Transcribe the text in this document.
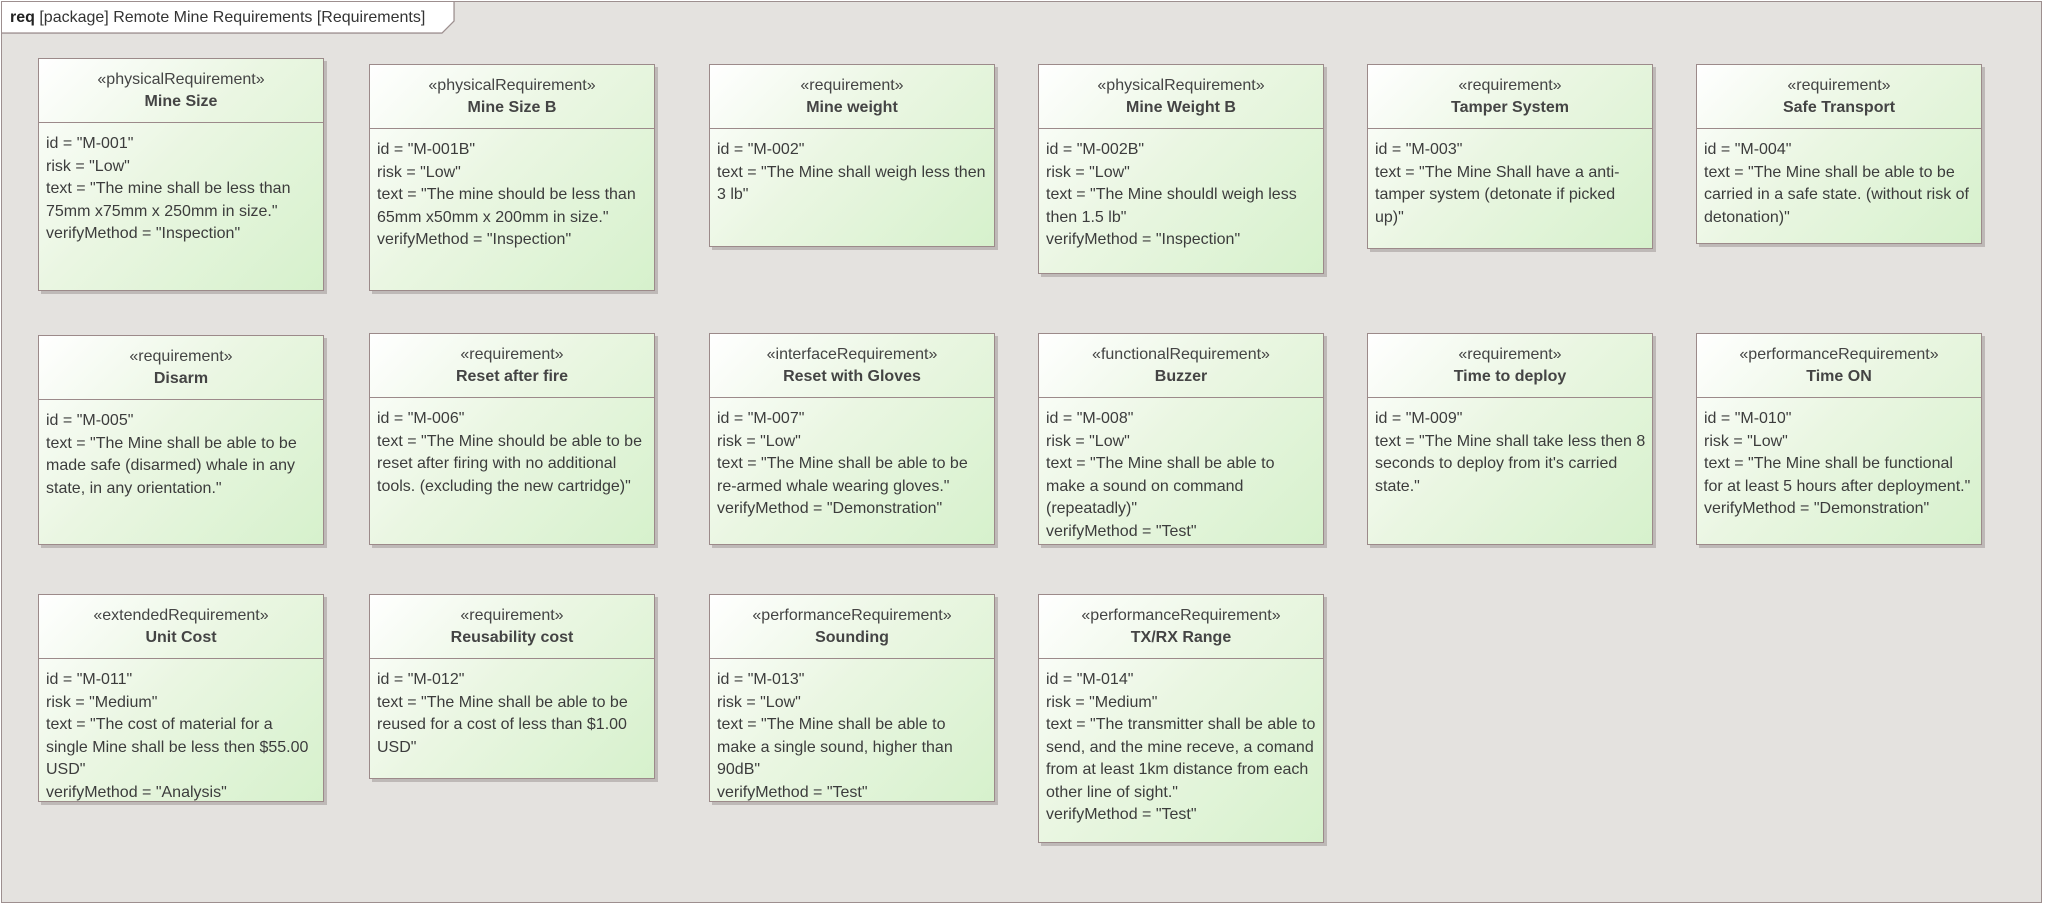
req [package] Remote Mine Requirements [Requirements]
«physicalRequirement»
Mine Size
id = "M-001"
risk = "Low"
text = "The mine shall be less than 75mm x75mm x 250mm in size."
verifyMethod = "Inspection"
«physicalRequirement»
Mine Size B
id = "M-001B"
risk = "Low"
text = "The mine should be less than 65mm x50mm x 200mm in size."
verifyMethod = "Inspection"
«requirement»
Mine weight
id = "M-002"
text = "The Mine shall weigh less then 3 lb"
«physicalRequirement»
Mine Weight B
id = "M-002B"
risk = "Low"
text = "The Mine shouldl weigh less then 1.5 lb"
verifyMethod = "Inspection"
«requirement»
Tamper System
id = "M-003"
text = "The Mine Shall have a anti-tamper system (detonate if picked up)"
«requirement»
Safe Transport
id = "M-004"
text = "The Mine shall be able to be carried in a safe state. (without risk of detonation)"
«requirement»
Disarm
id = "M-005"
text = "The Mine shall be able to be made safe (disarmed) whale in any state, in any orientation."
«requirement»
Reset after fire
id = "M-006"
text = "The Mine should be able to be reset after firing with no additional tools. (excluding the new cartridge)"
«interfaceRequirement»
Reset with Gloves
id = "M-007"
risk = "Low"
text = "The Mine shall be able to be re-armed whale wearing gloves."
verifyMethod = "Demonstration"
«functionalRequirement»
Buzzer
id = "M-008"
risk = "Low"
text = "The Mine shall be able to make a sound on command (repeatadly)"
verifyMethod = "Test"
«requirement»
Time to deploy
id = "M-009"
text = "The Mine shall take less then 8 seconds to deploy from it's carried state."
«performanceRequirement»
Time ON
id = "M-010"
risk = "Low"
text = "The Mine shall be functional for at least 5 hours after deployment."
verifyMethod = "Demonstration"
«extendedRequirement»
Unit Cost
id = "M-011"
risk = "Medium"
text = "The cost of material for a single Mine shall be less then $55.00 USD"
verifyMethod = "Analysis"
«requirement»
Reusability cost
id = "M-012"
text = "The Mine shall be able to be reused for a cost of less than $1.00 USD"
«performanceRequirement»
Sounding
id = "M-013"
risk = "Low"
text = "The Mine shall be able to make a single sound, higher than 90dB"
verifyMethod = "Test"
«performanceRequirement»
TX/RX Range
id = "M-014"
risk = "Medium"
text = "The transmitter shall be able to send, and the mine receve, a comand from at least 1km distance from each other line of sight."
verifyMethod = "Test"
